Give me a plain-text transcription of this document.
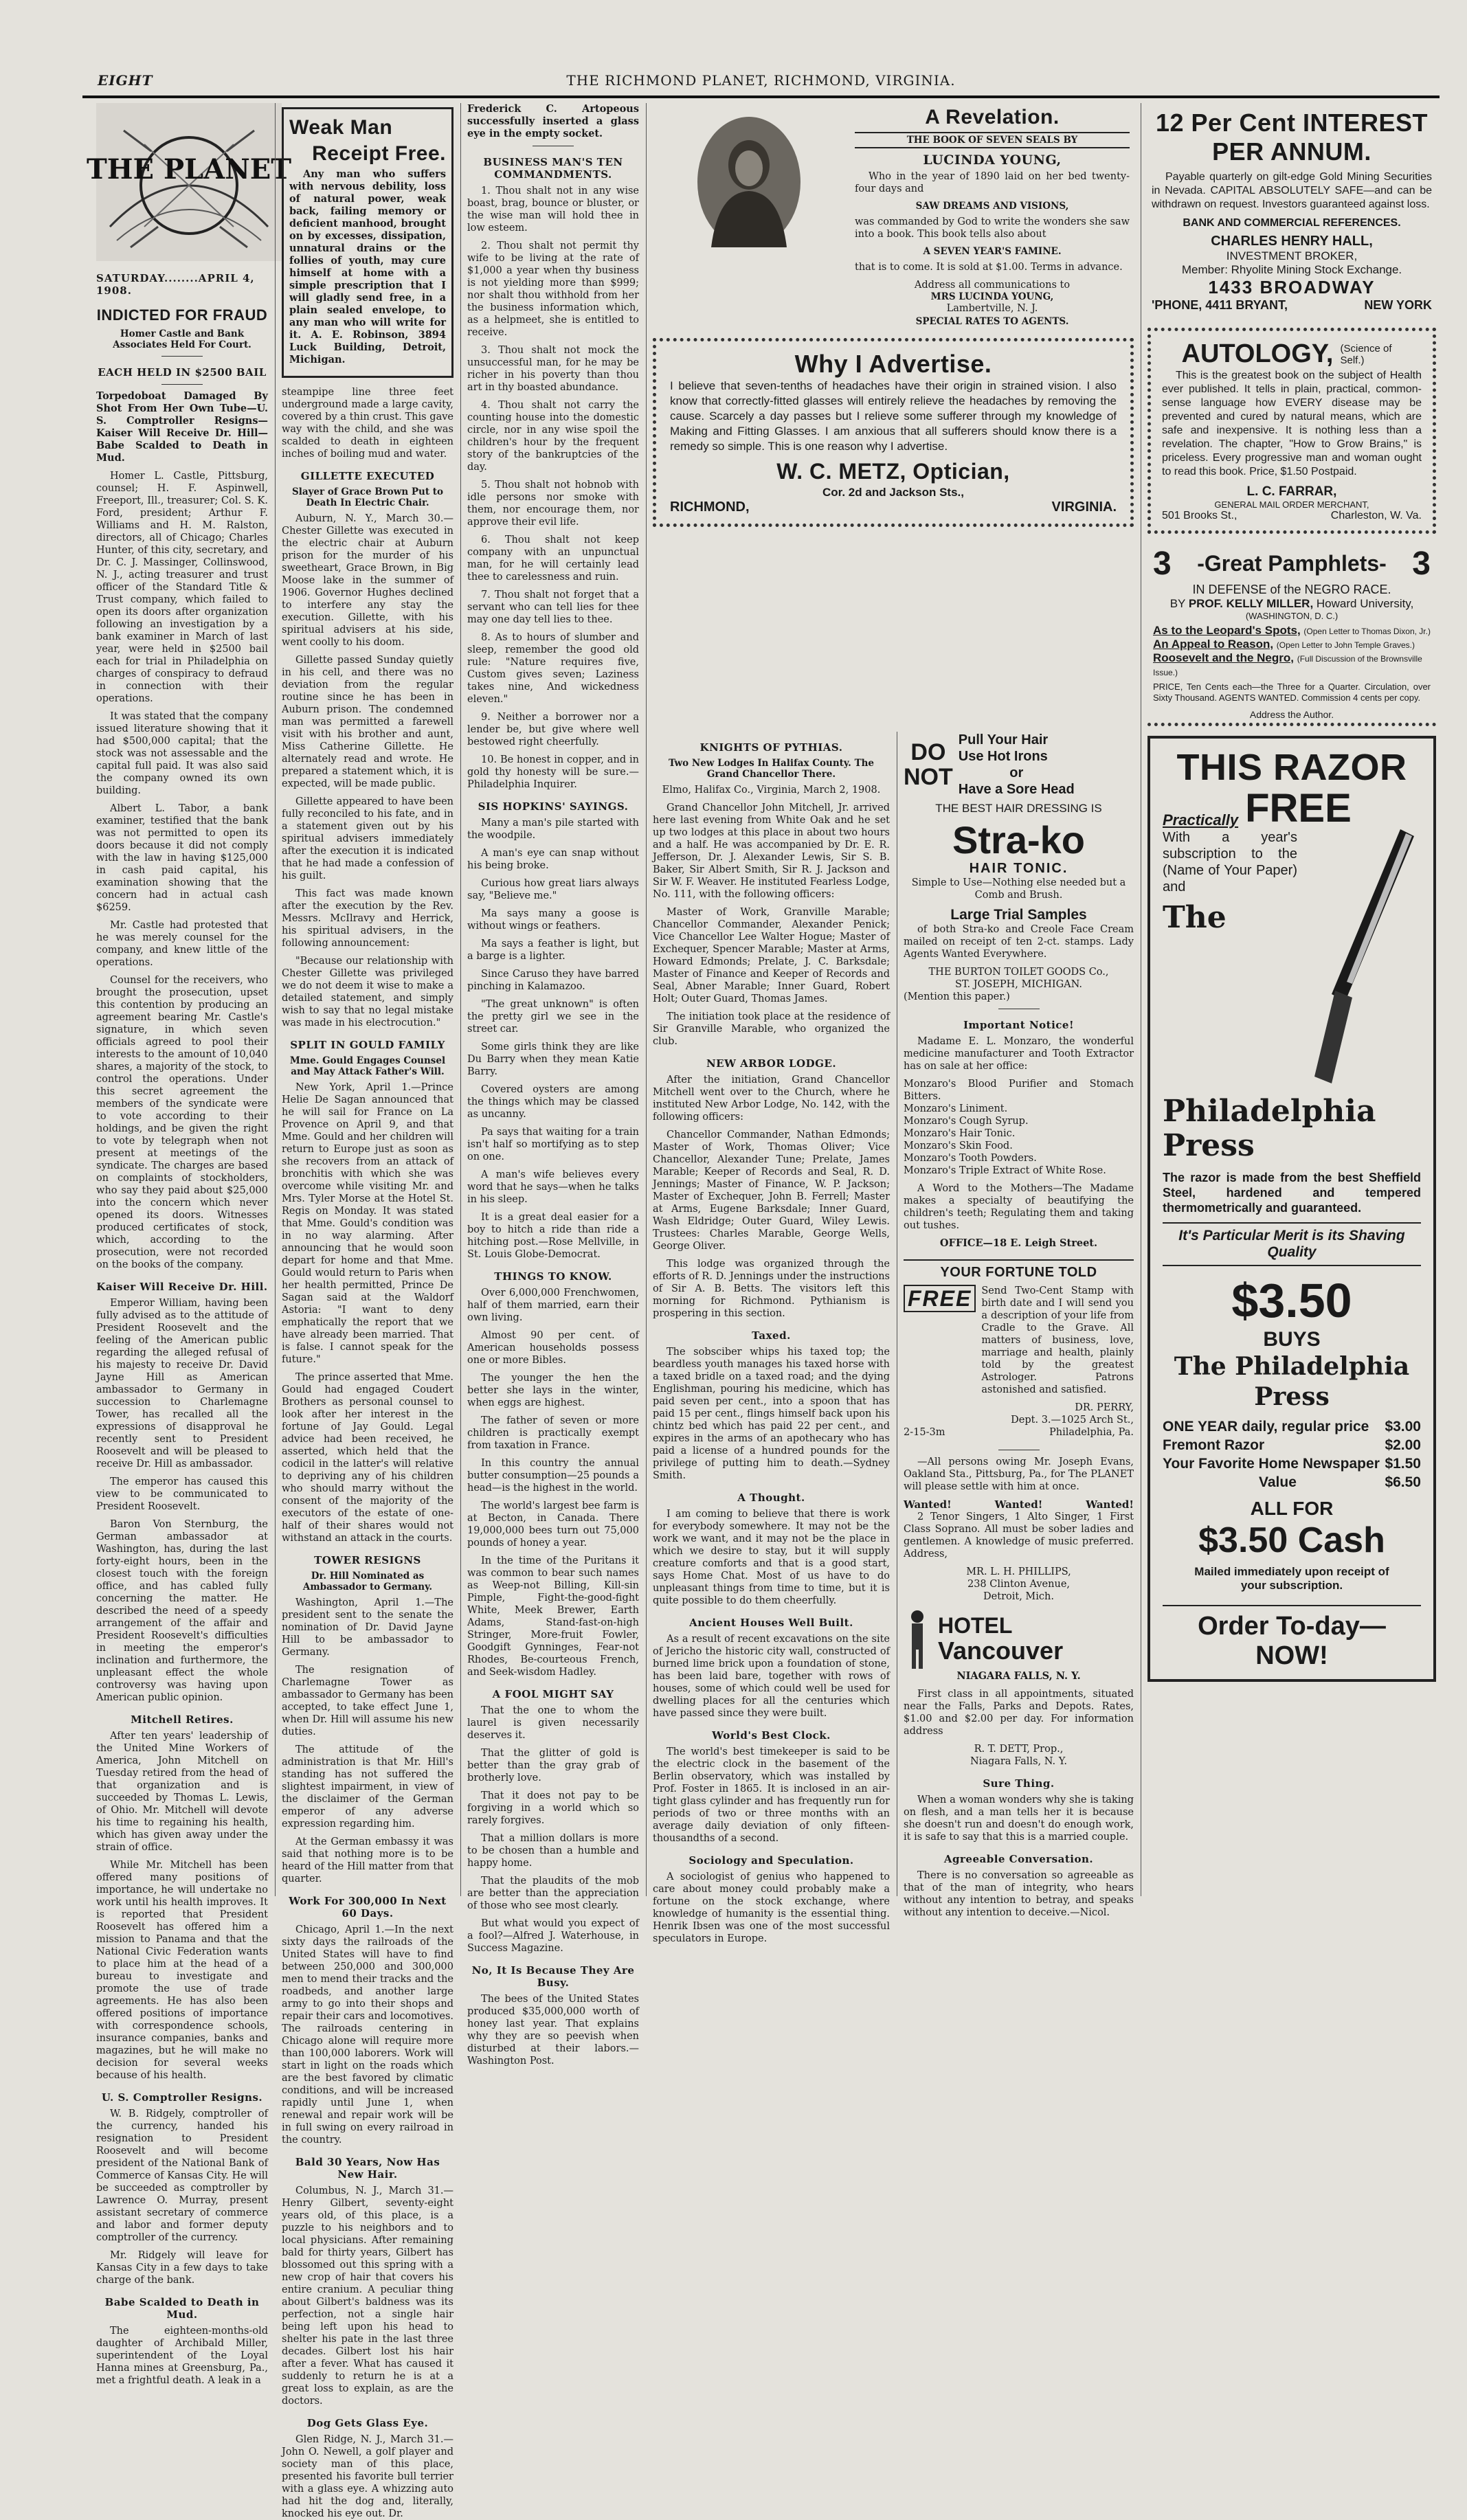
EIGHT	THE RICHMOND PLANET, RICHMOND, VIRGINIA.
THE PLANET
SATURDAY........APRIL 4, 1908.
INDICTED FOR FRAUD
Homer Castle and Bank Associates Held For Court.
EACH HELD IN $2500 BAIL

Torpedoboat Damaged By Shot From Her Own Tube—U. S. Comptroller Resigns—Kaiser Will Receive Dr. Hill—Babe Scalded to Death in Mud.

Homer L. Castle, Pittsburg, counsel; H. F. Aspinwell, Freeport, Ill., treasurer; Col. S. K. Ford, president; Arthur F. Williams and H. M. Ralston, directors, all of Chicago; Charles Hunter, of this city, secretary, and Dr. C. J. Massinger, Collinswood, N. J., acting treasurer and trust officer of the Standard Title & Trust company, which failed to open its doors after organization following an investigation by a bank examiner in March of last year, were held in $2500 bail each for trial in Philadelphia on charges of conspiracy to defraud in connection with their operations.

It was stated that the company issued literature showing that it had $500,000 capital; that the stock was not assessable and the capital full paid. It was also said the company owned its own building.

Albert L. Tabor, a bank examiner, testified that the bank was not permitted to open its doors because it did not comply with the law in having $125,000 in cash paid capital, his examination showing that the concern had in actual cash $6259.

Mr. Castle had protested that he was merely counsel for the company, and knew little of the operations.

Counsel for the receivers, who brought the prosecution, upset this contention by producing an agreement bearing Mr. Castle's signature, in which seven officials agreed to pool their interests to the amount of 10,040 shares, a majority of the stock, to control the operations. Under this secret agreement the members of the syndicate were to vote according to their holdings, and be given the right to vote by telegraph when not present at meetings of the syndicate. The charges are based on complaints of stockholders, who say they paid about $25,000 into the concern which never opened its doors. Witnesses produced certificates of stock, which, according to the prosecution, were not recorded on the books of the company.

Kaiser Will Receive Dr. Hill.

Emperor William, having been fully advised as to the attitude of President Roosevelt and the feeling of the American public regarding the alleged refusal of his majesty to receive Dr. David Jayne Hill as American ambassador to Germany in succession to Charlemagne Tower, has recalled all the expressions of disapproval he recently sent to President Roosevelt and will be pleased to receive Dr. Hill as ambassador.

The emperor has caused this view to be communicated to President Roosevelt.

Baron Von Sternburg, the German ambassador at Washington, has, during the last forty-eight hours, been in the closest touch with the foreign office, and has cabled fully concerning the matter. He described the need of a speedy arrangement of the affair and President Roosevelt's difficulties in meeting the emperor's inclination and furthermore, the unpleasant effect the whole controversy was having upon American public opinion.

Mitchell Retires.

After ten years' leadership of the United Mine Workers of America, John Mitchell on Tuesday retired from the head of that organization and is succeeded by Thomas L. Lewis, of Ohio. Mr. Mitchell will devote his time to regaining his health, which has given away under the strain of office.

While Mr. Mitchell has been offered many positions of importance, he will undertake no work until his health improves. It is reported that President Roosevelt has offered him a mission to Panama and that the National Civic Federation wants to place him at the head of a bureau to investigate and promote the use of trade agreements. He has also been offered positions of importance with correspondence schools, insurance companies, banks and magazines, but he will make no decision for several weeks because of his health.

U. S. Comptroller Resigns.

W. B. Ridgely, comptroller of the currency, handed his resignation to President Roosevelt and will become president of the National Bank of Commerce of Kansas City. He will be succeeded as comptroller by Lawrence O. Murray, present assistant secretary of commerce and labor and former deputy comptroller of the currency.

Mr. Ridgely will leave for Kansas City in a few days to take charge of the bank.

Babe Scalded to Death in Mud.

The eighteen-months-old daughter of Archibald Miller, superintendent of the Loyal Hanna mines at Greensburg, Pa., met a frightful death. A leak in a

Weak Man
Receipt Free.

Any man who suffers with nervous debility, loss of natural power, weak back, failing memory or deficient manhood, brought on by excesses, dissipation, unnatural drains or the follies of youth, may cure himself at home with a simple prescription that I will gladly send free, in a plain sealed envelope, to any man who will write for it. A. E. Robinson, 3894 Luck Building, Detroit, Michigan.

steampipe line three feet underground made a large cavity, covered by a thin crust. This gave way with the child, and she was scalded to death in eighteen inches of boiling mud and water.

GILLETTE EXECUTED
Slayer of Grace Brown Put to Death In Electric Chair.

Auburn, N. Y., March 30.—Chester Gillette was executed in the electric chair at Auburn prison for the murder of his sweetheart, Grace Brown, in Big Moose lake in the summer of 1906. Governor Hughes declined to interfere any stay the execution. Gillette, with his spiritual advisers at his side, went coolly to his doom.

Gillette passed Sunday quietly in his cell, and there was no deviation from the regular routine since he has been in Auburn prison. The condemned man was permitted a farewell visit with his brother and aunt, Miss Catherine Gillette. He alternately read and wrote. He prepared a statement which, it is expected, will be made public.

Gillette appeared to have been fully reconciled to his fate, and in a statement given out by his spiritual advisers immediately after the execution it is indicated that he had made a confession of his guilt.

This fact was made known after the execution by the Rev. Messrs. McIlravy and Herrick, his spiritual advisers, in the following announcement:

"Because our relationship with Chester Gillette was privileged we do not deem it wise to make a detailed statement, and simply wish to say that no legal mistake was made in his electrocution."

SPLIT IN GOULD FAMILY
Mme. Gould Engages Counsel and May Attack Father's Will.

New York, April 1.—Prince Helie De Sagan announced that he will sail for France on La Provence on April 9, and that Mme. Gould and her children will return to Europe just as soon as she recovers from an attack of bronchitis with which she was overcome while visiting Mr. and Mrs. Tyler Morse at the Hotel St. Regis on Monday. It was stated that Mme. Gould's condition was in no way alarming. After announcing that he would soon depart for home and that Mme. Gould would return to Paris when her health permitted, Prince De Sagan said at the Waldorf Astoria: "I want to deny emphatically the report that we have already been married. That is false. I cannot speak for the future."

The prince asserted that Mme. Gould had engaged Coudert Brothers as personal counsel to look after her interest in the fortune of Jay Gould. Legal advice had been received, he asserted, which held that the codicil in the latter's will relative to depriving any of his children who should marry without the consent of the majority of the executors of the estate of one-half of their shares would not withstand an attack in the courts.

TOWER RESIGNS
Dr. Hill Nominated as Ambassador to Germany.

Washington, April 1.—The president sent to the senate the nomination of Dr. David Jayne Hill to be ambassador to Germany.

The resignation of Charlemagne Tower as ambassador to Germany has been accepted, to take effect June 1, when Dr. Hill will assume his new duties.

The attitude of the administration is that Mr. Hill's standing has not suffered the slightest impairment, in view of the disclaimer of the German emperor of any adverse expression regarding him.

At the German embassy it was said that nothing more is to be heard of the Hill matter from that quarter.

Work For 300,000 In Next 60 Days.

Chicago, April 1.—In the next sixty days the railroads of the United States will have to find between 250,000 and 300,000 men to mend their tracks and the roadbeds, and another large army to go into their shops and repair their cars and locomotives. The railroads centering in Chicago alone will require more than 100,000 laborers. Work will start in light on the roads which are the best favored by climatic conditions, and will be increased rapidly until June 1, when renewal and repair work will be in full swing on every railroad in the country.

Bald 30 Years, Now Has New Hair.

Columbus, N. J., March 31.—Henry Gilbert, seventy-eight years old, of this place, is a puzzle to his neighbors and to local physicians. After remaining bald for thirty years, Gilbert has blossomed out this spring with a new crop of hair that covers his entire cranium. A peculiar thing about Gilbert's baldness was its perfection, not a single hair being left upon his head to shelter his pate in the last three decades. Gilbert lost his hair after a fever. What has caused it suddenly to return he is at a great loss to explain, as are the doctors.

Dog Gets Glass Eye.

Glen Ridge, N. J., March 31.—John O. Newell, a golf player and society man of this place, presented his favorite bull terrier with a glass eye. A whizzing auto had hit the dog and, literally, knocked his eye out. Dr.

Frederick C. Artopeous successfully inserted a glass eye in the empty socket.

BUSINESS MAN'S TEN COMMANDMENTS.

1. Thou shalt not in any wise boast, brag, bounce or bluster, or the wise man will hold thee in low esteem.

2. Thou shalt not permit thy wife to be living at the rate of $1,000 a year when thy business is not yielding more than $999; nor shalt thou withhold from her the business information which, as a helpmeet, she is entitled to receive.

3. Thou shalt not mock the unsuccessful man, for he may be richer in his poverty than thou art in thy boasted abundance.

4. Thou shalt not carry the counting house into the domestic circle, nor in any wise spoil the children's hour by the frequent story of the bankruptcies of the day.

5. Thou shalt not hobnob with idle persons nor smoke with them, nor encourage them, nor approve their evil life.

6. Thou shalt not keep company with an unpunctual man, for he will certainly lead thee to carelessness and ruin.

7. Thou shalt not forget that a servant who can tell lies for thee may one day tell lies to thee.

8. As to hours of slumber and sleep, remember the good old rule: "Nature requires five, Custom gives seven; Laziness takes nine, And wickedness eleven."

9. Neither a borrower nor a lender be, but give where well bestowed right cheerfully.

10. Be honest in copper, and in gold thy honesty will be sure.—Philadelphia Inquirer.

SIS HOPKINS' SAYINGS.

Many a man's pile started with the woodpile.

A man's eye can snap without his being broke.

Curious how great liars always say, "Believe me."

Ma says many a goose is without wings or feathers.

Ma says a feather is light, but a barge is a lighter.

Since Caruso they have barred pinching in Kalamazoo.

"The great unknown" is often the pretty girl we see in the street car.

Some girls think they are like Du Barry when they mean Katie Barry.

Covered oysters are among the things which may be classed as uncanny.

Pa says that waiting for a train isn't half so mortifying as to step on one.

A man's wife believes every word that he says—when he talks in his sleep.

It is a great deal easier for a boy to hitch a ride than ride a hitching post.—Rose Mellville, in St. Louis Globe-Democrat.

THINGS TO KNOW.

Over 6,000,000 Frenchwomen, half of them married, earn their own living.

Almost 90 per cent. of American households possess one or more Bibles.

The younger the hen the better she lays in the winter, when eggs are highest.

The father of seven or more children is practically exempt from taxation in France.

In this country the annual butter consumption—25 pounds a head—is the highest in the world.

The world's largest bee farm is at Becton, in Canada. There 19,000,000 bees turn out 75,000 pounds of honey a year.

In the time of the Puritans it was common to bear such names as Weep-not Billing, Kill-sin Pimple, Fight-the-good-fight White, Meek Brewer, Earth Adams, Stand-fast-on-high Stringer, More-fruit Fowler, Goodgift Gynninges, Fear-not Rhodes, Be-courteous French, and Seek-wisdom Hadley.

A FOOL MIGHT SAY

That the one to whom the laurel is given necessarily deserves it.

That the glitter of gold is better than the gray grab of brotherly love.

That it does not pay to be forgiving in a world which so rarely forgives.

That a million dollars is more to be chosen than a humble and happy home.

That the plaudits of the mob are better than the appreciation of those who see most clearly.

But what would you expect of a fool?—Alfred J. Waterhouse, in Success Magazine.

No, It Is Because They Are Busy.

The bees of the United States produced $35,000,000 worth of honey last year. That explains why they are so peevish when disturbed at their labors.—Washington Post.

A Revelation.
THE BOOK OF SEVEN SEALS BY
LUCINDA YOUNG,

Who in the year of 1890 laid on her bed twenty-four days and

SAW DREAMS AND VISIONS,

was commanded by God to write the wonders she saw into a book. This book tells also about

A SEVEN YEAR'S FAMINE.

that is to come. It is sold at $1.00. Terms in advance.

Address all communications to
MRS LUCINDA YOUNG,
Lambertville, N. J.
SPECIAL RATES TO AGENTS.
Why I Advertise.

I believe that seven-tenths of headaches have their origin in strained vision. I also know that correctly-fitted glasses will entirely relieve the headaches by removing the cause. Scarcely a day passes but I relieve some sufferer through my knowledge of Making and Fitting Glasses. I am anxious that all sufferers should know there is a remedy so simple. This is one reason why I advertise.

W. C. METZ, Optician,
Cor. 2d and Jackson Sts.,
RICHMOND,	VIRGINIA.
KNIGHTS OF PYTHIAS.
Two New Lodges In Halifax County. The Grand Chancellor There.

Elmo, Halifax Co., Virginia, March 2, 1908.

Grand Chancellor John Mitchell, Jr. arrived here last evening from White Oak and he set up two lodges at this place in about two hours and a half. He was accompanied by Dr. E. R. Jefferson, Dr. J. Alexander Lewis, Sir S. B. Baker, Sir Albert Smith, Sir R. J. Jackson and Sir W. F. Weaver. He instituted Fearless Lodge, No. 111, with the following officers:

Master of Work, Granville Marable; Chancellor Commander, Alexander Penick; Vice Chancellor Lee Walter Hogue; Master of Exchequer, Spencer Marable; Master at Arms, Howard Edmonds; Prelate, J. C. Barksdale; Master of Finance and Keeper of Records and Seal, Abner Marable; Inner Guard, Robert Holt; Outer Guard, Thomas James.

The initiation took place at the residence of Sir Granville Marable, who organized the club.

NEW ARBOR LODGE.

After the initiation, Grand Chancellor Mitchell went over to the Church, where he instituted New Arbor Lodge, No. 142, with the following officers:

Chancellor Commander, Nathan Edmonds; Master of Work, Thomas Oliver; Vice Chancellor, Alexander Tune; Prelate, James Marable; Keeper of Records and Seal, R. D. Jennings; Master of Finance, W. P. Jackson; Master of Exchequer, John B. Ferrell; Master at Arms, Eugene Barksdale; Inner Guard, Wash Eldridge; Outer Guard, Wiley Lewis. Trustees: Charles Marable, George Wells, George Oliver.

This lodge was organized through the efforts of R. D. Jennings under the instructions of Sir A. B. Betts. The visitors left this morning for Richmond. Pythianism is prospering in this section.

Taxed.

The sobsciber whips his taxed top; the beardless youth manages his taxed horse with a taxed bridle on a taxed road; and the dying Englishman, pouring his medicine, which has paid seven per cent., into a spoon that has paid 15 per cent., flings himself back upon his chintz bed which has paid 22 per cent., and expires in the arms of an apothecary who has paid a license of a hundred pounds for the privilege of putting him to death.—Sydney Smith.

A Thought.

I am coming to believe that there is work for everybody somewhere. It may not be the work we want, and it may not be the place in which we desire to stay, but it will supply creature comforts and that is a good start, says Home Chat. Most of us have to do unpleasant things from time to time, but it is quite possible to do them cheerfully.

Ancient Houses Well Built.

As a result of recent excavations on the site of Jericho the historic city wall, constructed of burned lime brick upon a foundation of stone, has been laid bare, together with rows of houses, some of which could well be used for dwelling places for all the centuries which have passed since they were built.

World's Best Clock.

The world's best timekeeper is said to be the electric clock in the basement of the Berlin observatory, which was installed by Prof. Foster in 1865. It is inclosed in an air-tight glass cylinder and has frequently run for periods of two or three months with an average daily deviation of only fifteen-thousandths of a second.

Sociology and Speculation.

A sociologist of genius who happened to care about money could probably make a fortune on the stock exchange, where knowledge of humanity is the essential thing. Henrik Ibsen was one of the most successful speculators in Europe.

DO
NOT
Pull Your Hair
Use Hot Irons
or
Have a Sore Head
THE BEST HAIR DRESSING IS
Stra-ko
HAIR TONIC.

Simple to Use—Nothing else needed but a Comb and Brush.

Large Trial Samples

of both Stra-ko and Creole Face Cream mailed on receipt of ten 2-ct. stamps. Lady Agents Wanted Everywhere.

THE BURTON TOILET GOODS Co.,
ST. JOSEPH, MICHIGAN.
(Mention this paper.)
Important Notice!

Madame E. L. Monzaro, the wonderful medicine manufacturer and Tooth Extractor has on sale at her office:

Monzaro's Blood Purifier and Stomach Bitters.
Monzaro's Liniment.
Monzaro's Cough Syrup.
Monzaro's Hair Tonic.
Monzaro's Skin Food.
Monzaro's Tooth Powders.
Monzaro's Triple Extract of White Rose.

A Word to the Mothers—The Madame makes a specialty of beautifying the children's teeth; Regulating them and taking out tushes.

OFFICE—18 E. Leigh Street.
YOUR FORTUNE TOLD
FREE Send Two-Cent Stamp with birth date and I will send you a description of your life from Cradle to the Grave. All matters of business, love, marriage and health, plainly told by the greatest Astrologer. Patrons astonished and satisfied.

DR. PERRY,
Dept. 3.—1025 Arch St.,
2-15-3m	Philadelphia, Pa.

—All persons owing Mr. Joseph Evans, Oakland Sta., Pittsburg, Pa., for The PLANET will please settle with him at once.

Wanted!	Wanted!	Wanted!

2 Tenor Singers, 1 Alto Singer, 1 First Class Soprano. All must be sober ladies and gentlemen. A knowledge of music preferred. Address,

MR. L. H. PHILLIPS,
238 Clinton Avenue,
Detroit, Mich.
HOTEL
Vancouver
NIAGARA FALLS, N. Y.

First class in all appointments, situated near the Falls, Parks and Depots. Rates, $1.00 and $2.00 per day. For information address

R. T. DETT, Prop.,
Niagara Falls, N. Y.
Sure Thing.

When a woman wonders why she is taking on flesh, and a man tells her it is because she doesn't run and doesn't do enough work, it is safe to say that this is a married couple.

Agreeable Conversation.

There is no conversation so agreeable as that of the man of integrity, who hears without any intention to betray, and speaks without any intention to deceive.—Nicol.

12 Per Cent INTEREST
PER ANNUM.

Payable quarterly on gilt-edge Gold Mining Securities in Nevada. CAPITAL ABSOLUTELY SAFE—and can be withdrawn on request. Investors guaranteed against loss.

BANK AND COMMERCIAL REFERENCES.
CHARLES HENRY HALL,
INVESTMENT BROKER,
Member: Rhyolite Mining Stock Exchange.
1433 BROADWAY
'PHONE, 4411 BRYANT,	NEW YORK
AUTOLOGY, (Science of Self.)

This is the greatest book on the subject of Health ever published. It tells in plain, practical, common-sense language how EVERY disease may be prevented and cured by natural means, which are safe and inexpensive. It is nothing less than a revelation. The chapter, "How to Grow Brains," is priceless. Every progressive man and woman ought to read this book. Price, $1.50 Postpaid.

L. C. FARRAR,
GENERAL MAIL ORDER MERCHANT,
501 Brooks St.,	Charleston, W. Va.
3 -Great Pamphlets- 3
IN DEFENSE of the NEGRO RACE.
BY PROF. KELLY MILLER, Howard University,
(WASHINGTON, D. C.)
As to the Leopard's Spots, (Open Letter to Thomas Dixon, Jr.)
An Appeal to Reason, (Open Letter to John Temple Graves.)
Roosevelt and the Negro, (Full Discussion of the Brownsville Issue.)

PRICE, Ten Cents each—the Three for a Quarter. Circulation, over Sixty Thousand. AGENTS WANTED. Commission 4 cents per copy.

Address the Author.
THIS RAZOR
Practically FREE

With a year's subscription to the (Name of Your Paper) and

The
Philadelphia
Press

The razor is made from the best Sheffield Steel, hardened and tempered thermometrically and guaranteed.

It's Particular Merit is its Shaving Quality
$3.50
BUYS
The Philadelphia Press
ONE YEAR daily, regular price $3.00
Fremont Razor	$2.00
Your Favorite Home Newspaper $1.50
Value	$6.50
ALL FOR
$3.50 Cash
Mailed immediately upon receipt of your subscription.
Order To-day—NOW!
